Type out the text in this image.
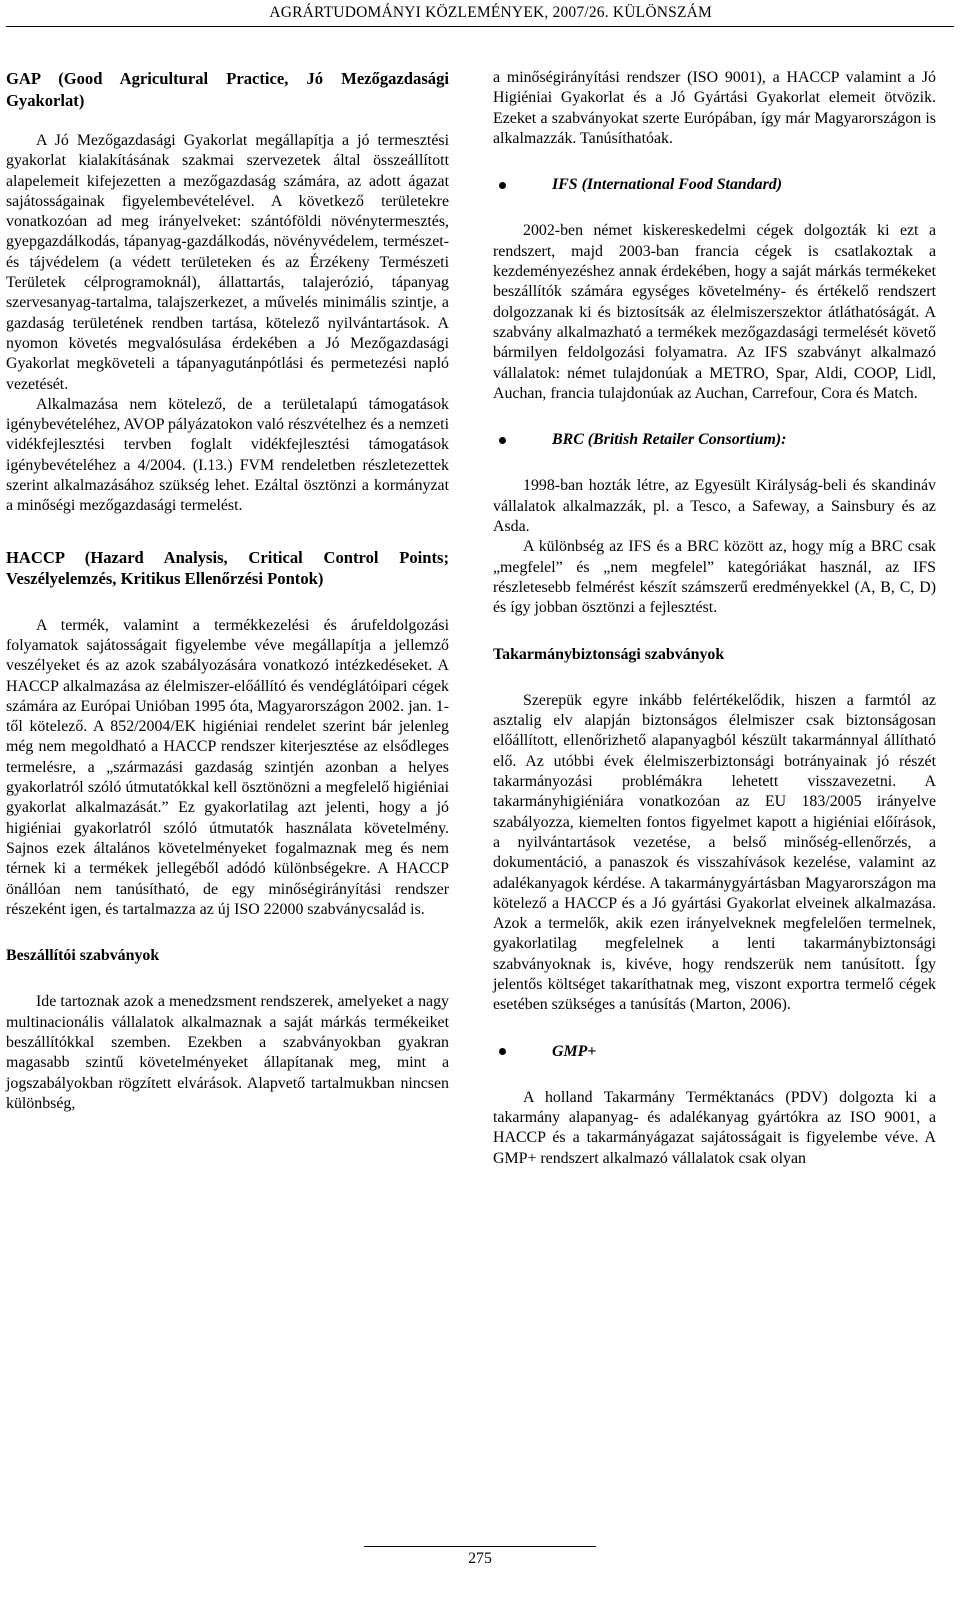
AGRÁRTUDOMÁNYI KÖZLEMÉNYEK, 2007/26. KÜLÖNSZÁM

GAP (Good Agricultural Practice, Jó Mezőgazdasági Gyakorlat)

A Jó Mezőgazdasági Gyakorlat megállapítja a jó termesztési gyakorlat kialakításának szakmai szervezetek által összeállított alapelemeit kifejezetten a mezőgazdaság számára, az adott ágazat sajátosságainak figyelembevételével. A következő területekre vonatkozóan ad meg irányelveket: szántóföldi növénytermesztés, gyepgazdálkodás, tápanyag-gazdálkodás, növényvédelem, természet- és tájvédelem (a védett területeken és az Érzékeny Természeti Területek célprogramoknál), állattartás, talajerózió, tápanyag szervesanyag-tartalma, talajszerkezet, a művelés minimális szintje, a gazdaság területének rendben tartása, kötelező nyilvántartások. A nyomon követés megvalósulása érdekében a Jó Mezőgazdasági Gyakorlat megköveteli a tápanyagutánpótlási és permetezési napló vezetését.

Alkalmazása nem kötelező, de a területalapú támogatások igénybevételéhez, AVOP pályázatokon való részvételhez és a nemzeti vidékfejlesztési tervben foglalt vidékfejlesztési támogatások igénybevételéhez a 4/2004. (I.13.) FVM rendeletben részletezettek szerint alkalmazásához szükség lehet. Ezáltal ösztönzi a kormányzat a minőségi mezőgazdasági termelést.

HACCP (Hazard Analysis, Critical Control Points; Veszélyelemzés, Kritikus Ellenőrzési Pontok)

A termék, valamint a termékkezelési és árufeldolgozási folyamatok sajátosságait figyelembe véve megállapítja a jellemző veszélyeket és az azok szabályozására vonatkozó intézkedéseket. A HACCP alkalmazása az élelmiszer-előállító és vendéglátóipari cégek számára az Európai Unióban 1995 óta, Magyarországon 2002. jan. 1-től kötelező. A 852/2004/EK higiéniai rendelet szerint bár jelenleg még nem megoldható a HACCP rendszer kiterjesztése az elsődleges termelésre, a „származási gazdaság szintjén azonban a helyes gyakorlatról szóló útmutatókkal kell ösztönözni a megfelelő higiéniai gyakorlat alkalmazását.” Ez gyakorlatilag azt jelenti, hogy a jó higiéniai gyakorlatról szóló útmutatók használata követelmény. Sajnos ezek általános követelményeket fogalmaznak meg és nem térnek ki a termékek jellegéből adódó különbségekre. A HACCP önállóan nem tanúsítható, de egy minőségirányítási rendszer részeként igen, és tartalmazza az új ISO 22000 szabványcsalád is.

Beszállítói szabványok

Ide tartoznak azok a menedzsment rendszerek, amelyeket a nagy multinacionális vállalatok alkalmaznak a saját márkás termékeiket beszállítókkal szemben. Ezekben a szabványokban gyakran magasabb szintű követelményeket állapítanak meg, mint a jogszabályokban rögzített elvárások. Alapvető tartalmukban nincsen különbség,

a minőségirányítási rendszer (ISO 9001), a HACCP valamint a Jó Higiéniai Gyakorlat és a Jó Gyártási Gyakorlat elemeit ötvözik. Ezeket a szabványokat szerte Európában, így már Magyarországon is alkalmazzák. Tanúsíthatóak.

IFS (International Food Standard)

2002-ben német kiskereskedelmi cégek dolgozták ki ezt a rendszert, majd 2003-ban francia cégek is csatlakoztak a kezdeményezéshez annak érdekében, hogy a saját márkás termékeket beszállítók számára egységes követelmény- és értékelő rendszert dolgozzanak ki és biztosítsák az élelmiszerszektor átláthatóságát. A szabvány alkalmazható a termékek mezőgazdasági termelését követő bármilyen feldolgozási folyamatra. Az IFS szabványt alkalmazó vállalatok: német tulajdonúak a METRO, Spar, Aldi, COOP, Lidl, Auchan, francia tulajdonúak az Auchan, Carrefour, Cora és Match.

BRC (British Retailer Consortium):

1998-ban hozták létre, az Egyesült Királyság-beli és skandináv vállalatok alkalmazzák, pl. a Tesco, a Safeway, a Sainsbury és az Asda.

A különbség az IFS és a BRC között az, hogy míg a BRC csak „megfelel” és „nem megfelel” kategóriákat használ, az IFS részletesebb felmérést készít számszerű eredményekkel (A, B, C, D) és így jobban ösztönzi a fejlesztést.

Takarmánybiztonsági szabványok

Szerepük egyre inkább felértékelődik, hiszen a farmtól az asztalig elv alapján biztonságos élelmiszer csak biztonságosan előállított, ellenőrizhető alapanyagból készült takarmánnyal állítható elő. Az utóbbi évek élelmiszerbiztonsági botrányainak jó részét takarmányozási problémákra lehetett visszavezetni. A takarmányhigiéniára vonatkozóan az EU 183/2005 irányelve szabályozza, kiemelten fontos figyelmet kapott a higiéniai előírások, a nyilvántartások vezetése, a belső minőség-ellenőrzés, a dokumentáció, a panaszok és visszahívások kezelése, valamint az adalékanyagok kérdése. A takarmánygyártásban Magyarországon ma kötelező a HACCP és a Jó gyártási Gyakorlat elveinek alkalmazása. Azok a termelők, akik ezen irányelveknek megfelelően termelnek, gyakorlatilag megfelelnek a lenti takarmánybiztonsági szabványoknak is, kivéve, hogy rendszerük nem tanúsított. Így jelentős költséget takaríthatnak meg, viszont exportra termelő cégek esetében szükséges a tanúsítás (Marton, 2006).

GMP+

A holland Takarmány Terméktanács (PDV) dolgozta ki a takarmány alapanyag- és adalékanyag gyártókra az ISO 9001, a HACCP és a takarmányágazat sajátosságait is figyelembe véve. A GMP+ rendszert alkalmazó vállalatok csak olyan

275
